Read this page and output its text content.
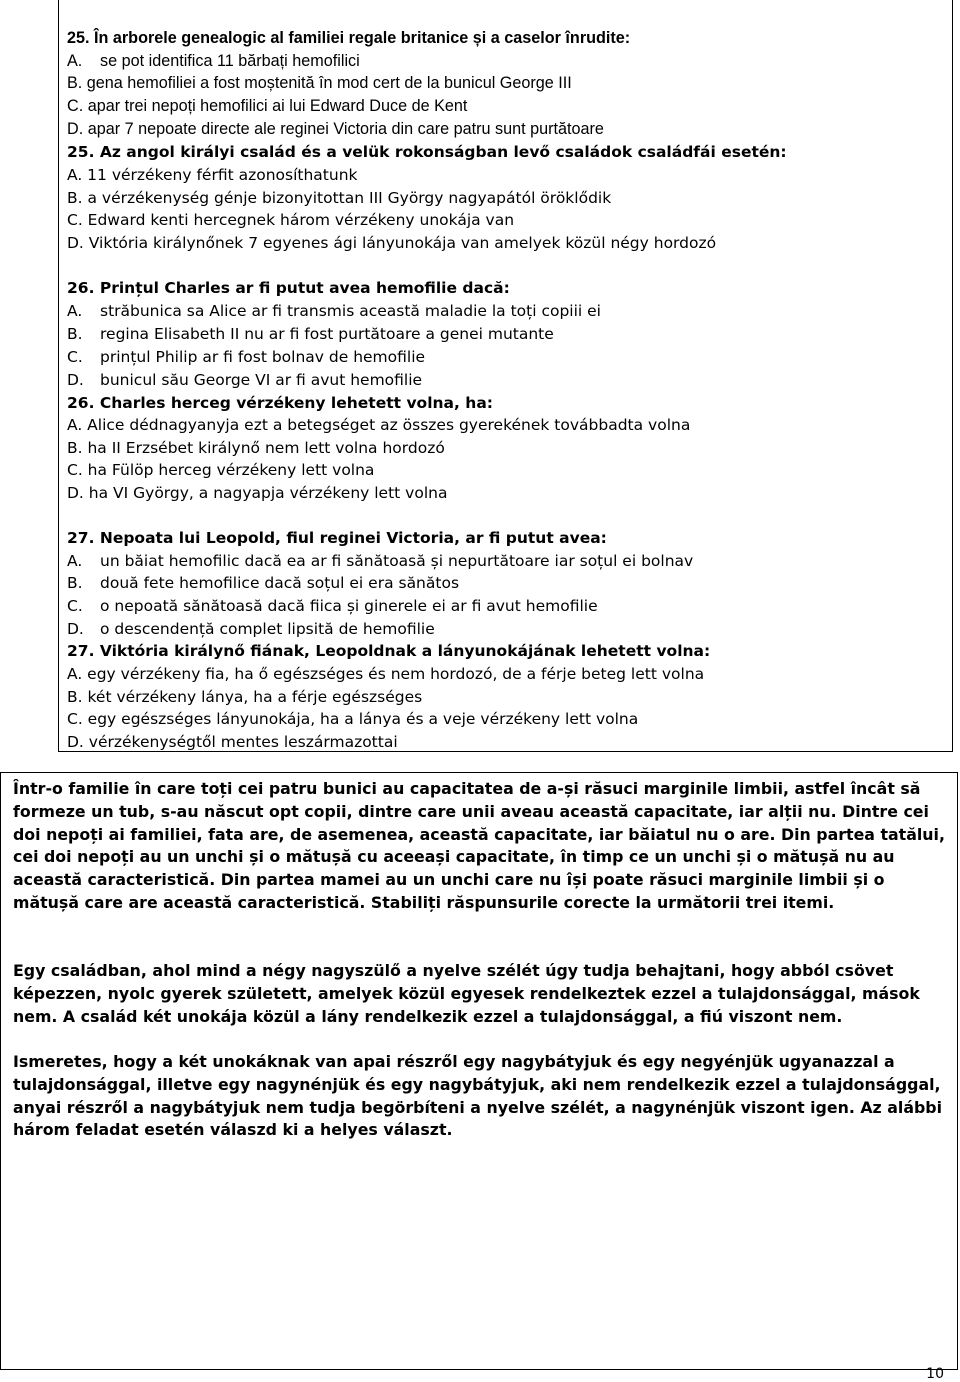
25. În arborele genealogic al familiei regale britanice și a caselor înrudite:
A. se pot identifica 11 bărbați hemofilici
B. gena hemofiliei a fost moștenită în mod cert de la bunicul George III
C. apar trei nepoți hemofilici ai lui Edward Duce de Kent
D. apar 7 nepoate directe ale reginei Victoria din care patru sunt purtătoare
25. Az angol királyi család és a velük rokonságban levő családok családfái esetén:
A. 11 vérzékeny férfit azonosíthatunk
B. a vérzékenység génje bizonyitottan III György nagyapától öröklődik
C. Edward kenti hercegnek három vérzékeny unokája van
D. Viktória királynőnek 7 egyenes ági lányunokája van amelyek közül négy hordozó
26. Prințul Charles ar fi putut avea hemofilie dacă:
A. străbunica sa Alice ar fi transmis această maladie la toți copiii ei
B. regina Elisabeth II nu ar fi fost purtătoare a genei mutante
C. prințul Philip ar fi fost bolnav de hemofilie
D. bunicul său George VI ar fi avut hemofilie
26. Charles herceg vérzékeny lehetett volna, ha:
A. Alice dédnagyanyja ezt a betegséget az összes gyerekének továbbadta volna
B. ha II Erzsébet királynő nem lett volna hordozó
C. ha Fülöp herceg vérzékeny lett volna
D. ha VI György, a nagyapja vérzékeny lett volna
27. Nepoata lui Leopold, fiul reginei Victoria, ar fi putut avea:
A. un băiat hemofilic dacă ea ar fi sănătoasă și nepurtătoare iar soțul ei bolnav
B. două fete hemofilice dacă soțul ei era sănătos
C. o nepoată sănătoasă dacă fiica și ginerele ei ar fi avut hemofilie
D. o descendență complet lipsită de hemofilie
27. Viktória királynő fiának, Leopoldnak a lányunokájának lehetett volna:
A. egy vérzékeny fia, ha ő egészséges és nem hordozó, de a férje beteg lett volna
B. két vérzékeny lánya, ha a férje egészséges
C. egy egészséges lányunokája, ha a lánya és a veje vérzékeny lett volna
D. vérzékenységtől mentes leszármazottai

Într-o familie în care toți cei patru bunici au capacitatea de a-și răsuci marginile limbii, astfel încât să formeze un tub, s-au născut opt copii, dintre care unii aveau această capacitate, iar alții nu. Dintre cei doi nepoți ai familiei, fata are, de asemenea, această capacitate, iar băiatul nu o are. Din partea tatălui, cei doi nepoți au un unchi și o mătușă cu aceeași capacitate, în timp ce un unchi și o mătușă nu au această caracteristică. Din partea mamei au un unchi care nu își poate răsuci marginile limbii și o mătușă care are această caracteristică. Stabiliți răspunsurile corecte la următorii trei itemi.

Egy családban, ahol mind a négy nagyszülő a nyelve szélét úgy tudja behajtani, hogy abból csövet képezzen, nyolc gyerek született, amelyek közül egyesek rendelkeztek ezzel a tulajdonsággal, mások nem. A család két unokája közül a lány rendelkezik ezzel a tulajdonsággal, a fiú viszont nem.

Ismeretes, hogy a két unokáknak van apai részről egy nagybátyjuk és egy negyénjük ugyanazzal a tulajdonsággal, illetve egy nagynénjük és egy nagybátyjuk, aki nem rendelkezik ezzel a tulajdonsággal, anyai részről a nagybátyjuk nem tudja begörbíteni a nyelve szélét, a nagynénjük viszont igen. Az alábbi három feladat esetén válaszd ki a helyes választ.

10
